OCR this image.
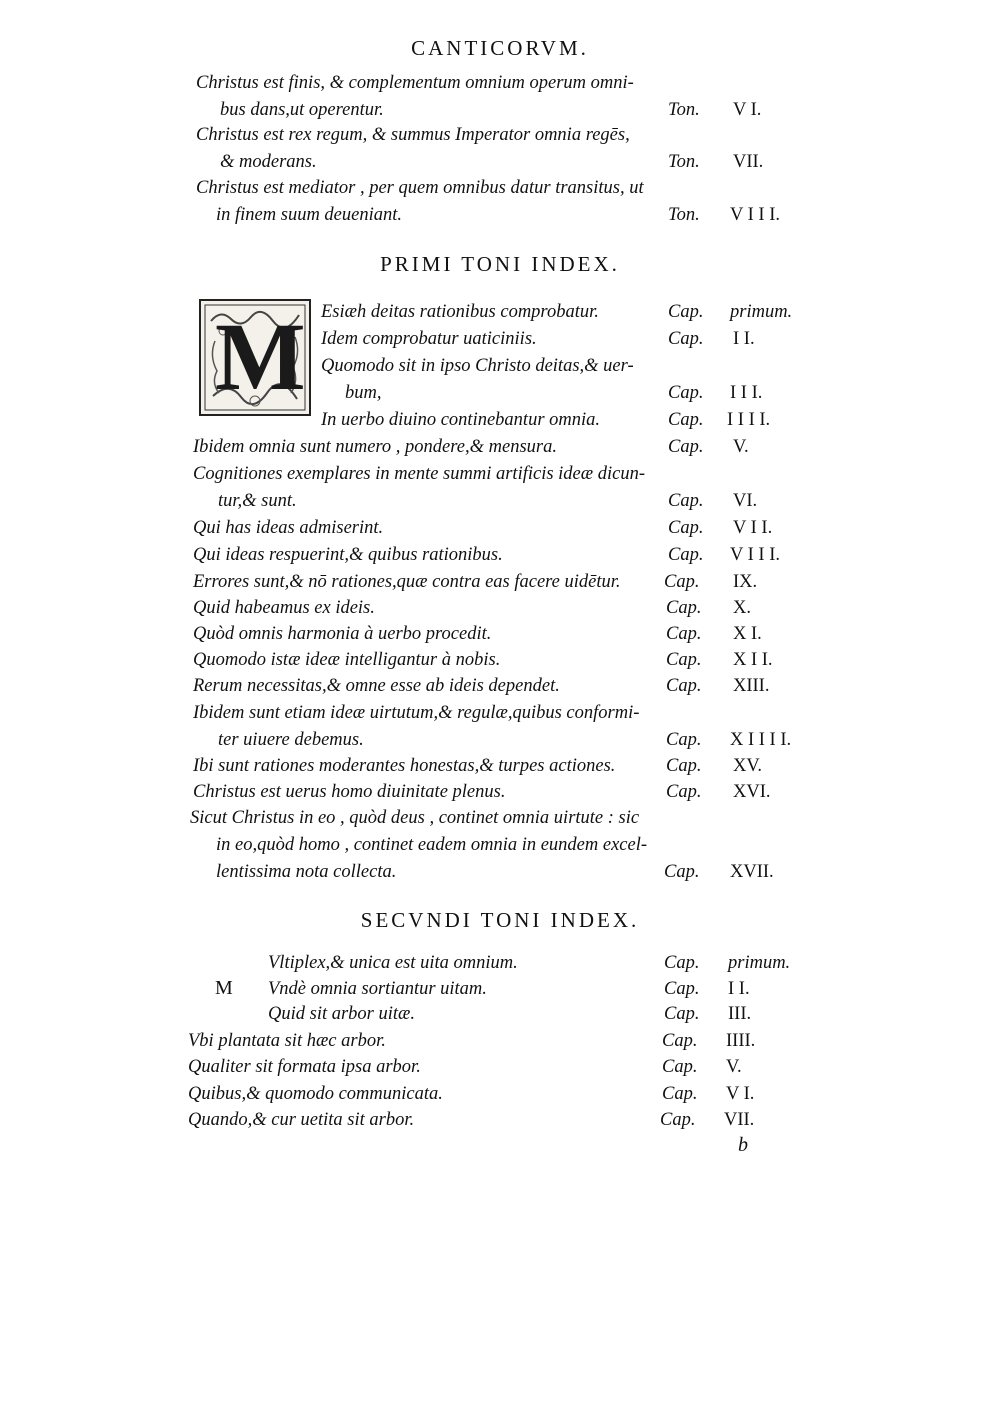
CANTICORVM.
Christus est finis, & complementum omnium operum omni-
bus dans,ut operentur.	Ton. V I.
Christus est rex regum, & summus Imperator omnia regēs,
& moderans.	Ton. VII.
Christus est mediator , per quem omnibus datur transitus, ut
in finem suum deueniant.	Ton. V I I I.
PRIMI TONI INDEX.
M Esiæh deitas rationibus comprobatur.	Cap. primum.
Idem comprobatur uaticiniis.	Cap. I I.
Quomodo sit in ipso Christo deitas,& uer-
bum,	Cap. I I I.
In uerbo diuino continebantur omnia.	Cap. I I I I.
Ibidem omnia sunt numero , pondere,& mensura.	Cap. V.
Cognitiones exemplares in mente summi artificis ideæ dicun-
tur,& sunt.	Cap. VI.
Qui has ideas admiserint.	Cap. V I I.
Qui ideas respuerint,& quibus rationibus.	Cap. V I I I.
Errores sunt,& nō rationes,quæ contra eas facere uidētur. Cap. IX.
Quid habeamus ex ideis.	Cap. X.
Quòd omnis harmonia à uerbo procedit.	Cap. X I.
Quomodo istæ ideæ intelligantur à nobis.	Cap. X I I.
Rerum necessitas,& omne esse ab ideis dependet.	Cap. XIII.
Ibidem sunt etiam ideæ uirtutum,& regulæ,quibus conformi-
ter uiuere debemus.	Cap. X I I I I.
Ibi sunt rationes moderantes honestas,& turpes actiones.	Cap. XV.
Christus est uerus homo diuinitate plenus.	Cap. XVI.
Sicut Christus in eo , quòd deus , continet omnia uirtute : sic
in eo,quòd homo , continet eadem omnia in eundem excel-
lentissima nota collecta.	Cap. XVII.
SECVNDI TONI INDEX.
M
Vltiplex,& unica est uita omnium.	Cap. primum.
Vndè omnia sortiantur uitam.	Cap. I I.
Quid sit arbor uitæ.	Cap. III.
Vbi plantata sit hæc arbor.	Cap. IIII.
Qualiter sit formata ipsa arbor.	Cap. V.
Quibus,& quomodo communicata.	Cap. V I.
Quando,& cur uetita sit arbor.	Cap. VII.
b
